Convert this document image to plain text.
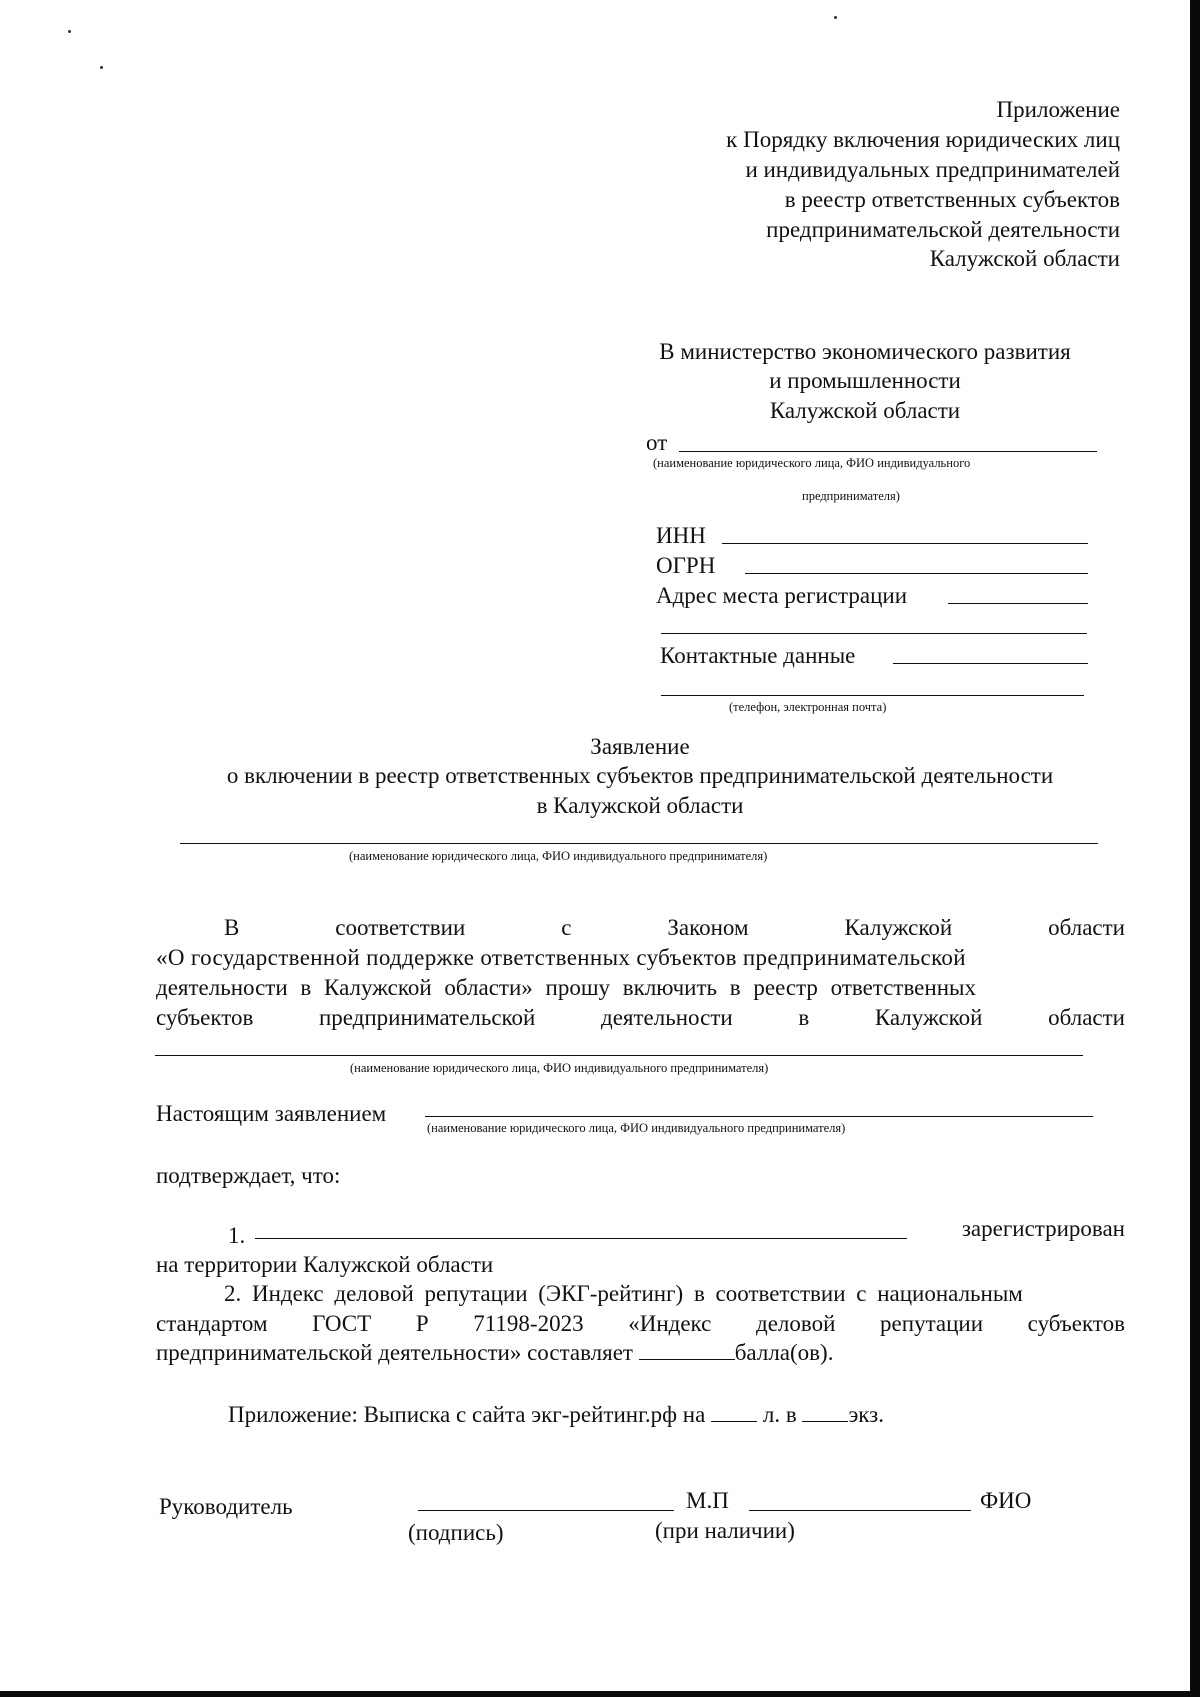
Приложение
к Порядку включения юридических лиц
и индивидуальных предпринимателей
в реестр ответственных субъектов
предпринимательской деятельности
Калужской области
В министерство экономического развития
и промышленности
Калужской области
от
(наименование юридического лица, ФИО индивидуального
предпринимателя)
ИНН
ОГРН
Адрес места регистрации
Контактные данные
(телефон, электронная почта)
Заявление
о включении в реестр ответственных субъектов предпринимательской деятельности
в Калужской области
(наименование юридического лица, ФИО индивидуального предпринимателя)
В	соответствии	с	Законом	Калужской	области
«О государственной поддержке ответственных субъектов предпринимательской
деятельности в Калужской области» прошу включить в реестр ответственных
субъектов	предпринимательской	деятельности	в	Калужской	области
(наименование юридического лица, ФИО индивидуального предпринимателя)
Настоящим заявлением
(наименование юридического лица, ФИО индивидуального предпринимателя)
подтверждает, что:
1.	зарегистрирован
на территории Калужской области
2. Индекс деловой репутации (ЭКГ-рейтинг) в соответствии с национальным
стандартом ГОСТ Р 71198-2023 «Индекс деловой репутации субъектов
предпринимательской деятельности» составляет	балла(ов).
Приложение: Выписка с сайта экг-рейтинг.рф на  л. в экз.
Руководитель	М.П	ФИО
(подпись)	(при наличии)
